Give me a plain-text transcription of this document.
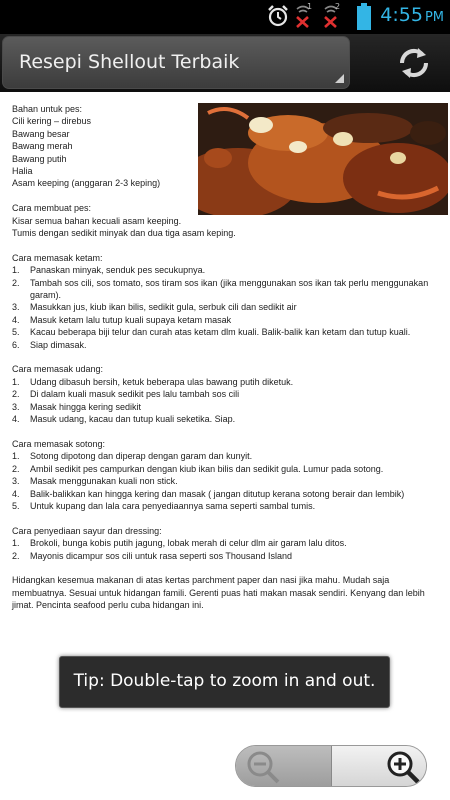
1	2 4:55 PM
Resepi Shellout Terbaik
Bahan untuk pes:
Cili kering – direbus
Bawang besar
Bawang merah
Bawang putih
Halia
Asam keeping (anggaran 2-3 keping)
Cara membuat pes:
Kisar semua bahan kecuali asam keeping.
Tumis dengan sedikit minyak dan dua tiga asam keping.
Cara memasak ketam:
1. Panaskan minyak, senduk pes secukupnya.
2. Tambah sos cili, sos tomato, sos tiram sos ikan (jika menggunakan sos ikan tak perlu menggunakan garam).
3. Masukkan jus, kiub ikan bilis, sedikit gula, serbuk cili dan sedikit air
4. Masuk ketam lalu tutup kuali supaya ketam masak
5. Kacau beberapa biji telur dan curah atas ketam dlm kuali. Balik-balik kan ketam dan tutup kuali.
6. Siap dimasak.
Cara memasak udang:
1. Udang dibasuh bersih, ketuk beberapa ulas bawang putih diketuk.
2. Di dalam kuali masuk sedikit pes lalu tambah sos cili
3. Masak hingga kering sedikit
4. Masuk udang, kacau dan tutup kuali seketika. Siap.
Cara memasak sotong:
1. Sotong dipotong dan diperap dengan garam dan kunyit.
2. Ambil sedikit pes campurkan dengan kiub ikan bilis dan sedikit gula. Lumur pada sotong.
3. Masak menggunakan kuali non stick.
4. Balik-balikkan kan hingga kering dan masak ( jangan ditutup kerana sotong berair dan lembik)
5. Untuk kupang dan lala cara penyediaannya sama seperti sambal tumis.
Cara penyediaan sayur dan dressing:
1. Brokoli, bunga kobis putih jagung, lobak merah di celur dlm air garam lalu ditos.
2. Mayonis dicampur sos cili untuk rasa seperti sos Thousand Island
Hidangkan kesemua makanan di atas kertas parchment paper dan nasi jika mahu. Mudah saja membuatnya. Sesuai untuk hidangan famili. Gerenti puas hati makan masak sendiri. Kenyang dan lebih jimat. Pencinta seafood perlu cuba hidangan ini.
Tip: Double-tap to zoom in and out.
